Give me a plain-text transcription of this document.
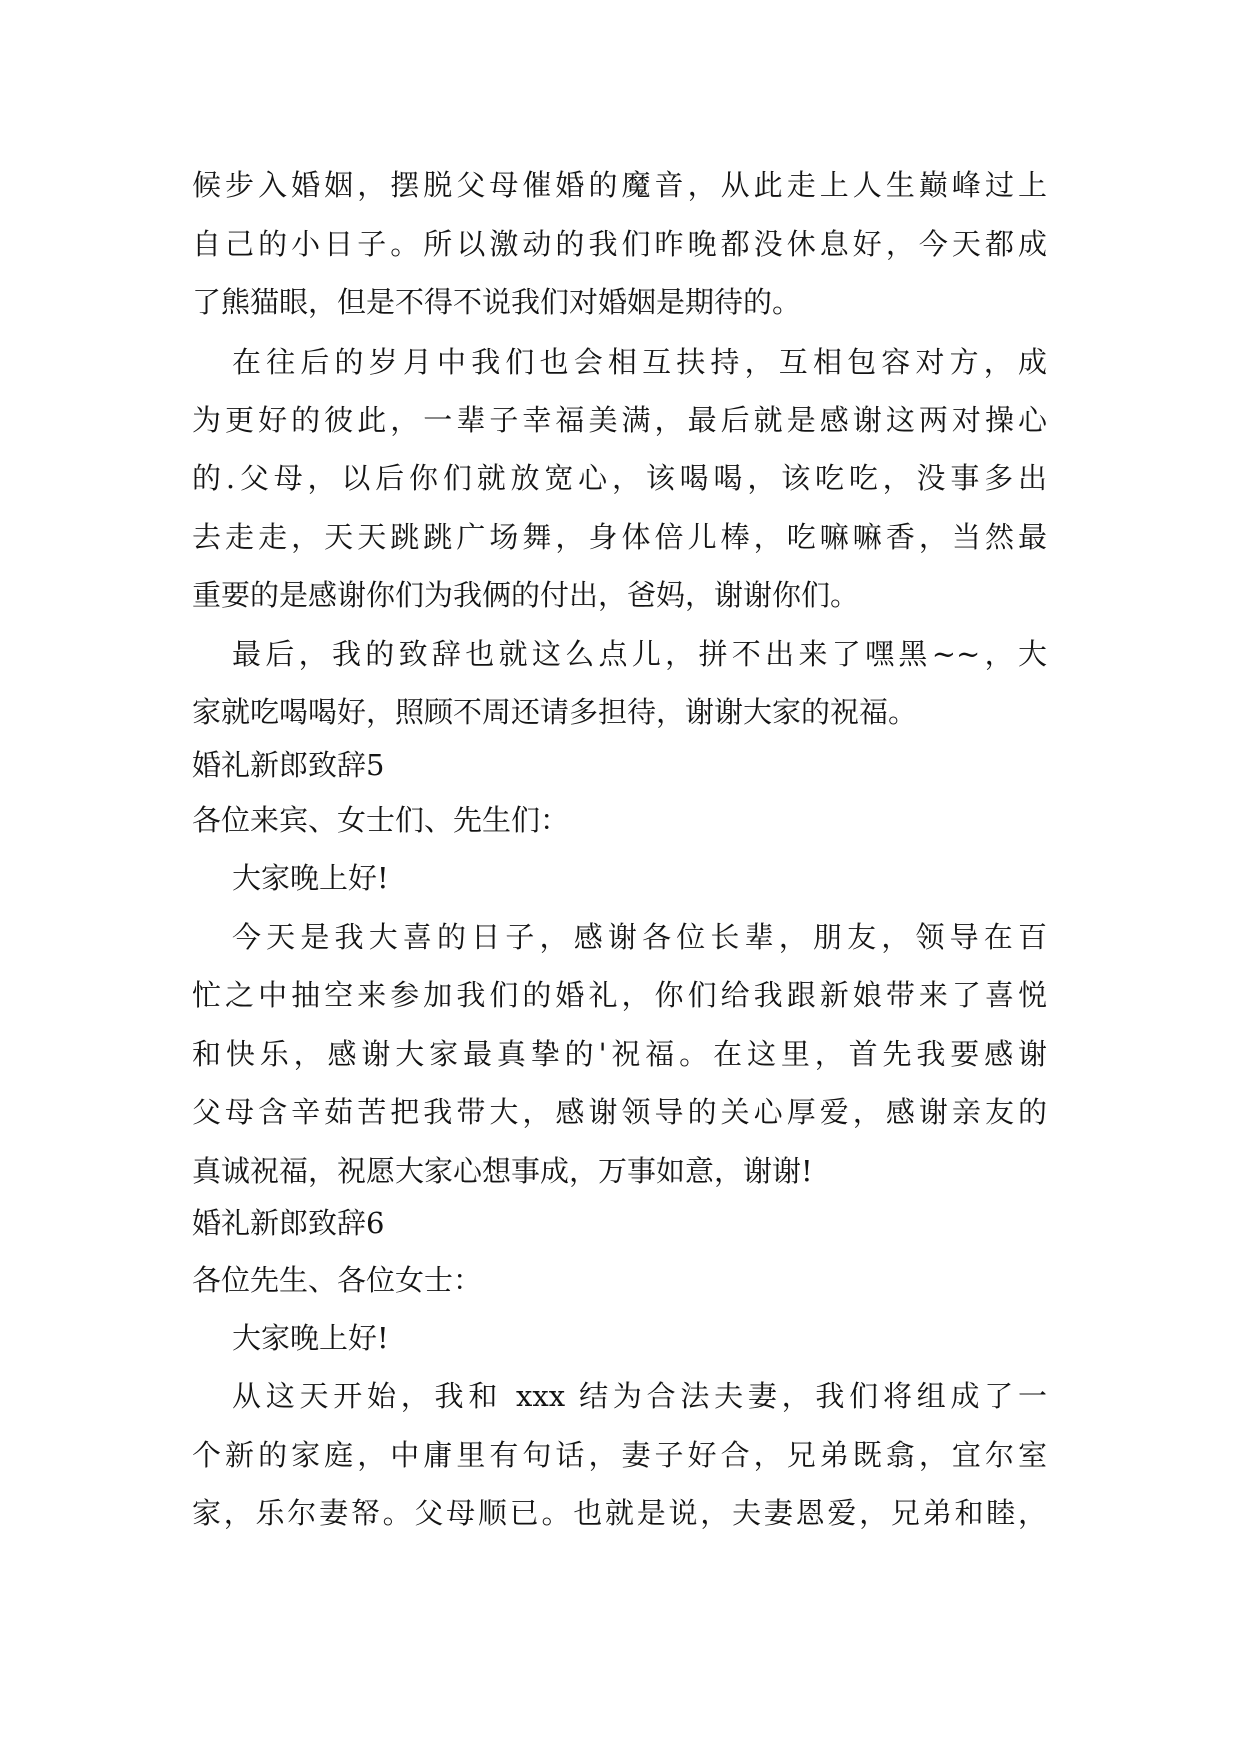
候步入婚姻，摆脱父母催婚的魔音，从此走上人生巅峰过上
自己的小日子。所以激动的我们昨晚都没休息好，今天都成
了熊猫眼，但是不得不说我们对婚姻是期待的。
在往后的岁月中我们也会相互扶持，互相包容对方，成
为更好的彼此，一辈子幸福美满，最后就是感谢这两对操心
的.父母，以后你们就放宽心，该喝喝，该吃吃，没事多出
去走走，天天跳跳广场舞，身体倍儿棒，吃嘛嘛香，当然最
重要的是感谢你们为我俩的付出，爸妈，谢谢你们。
最后，我的致辞也就这么点儿，拼不出来了嘿黑~~，大
家就吃喝喝好，照顾不周还请多担待，谢谢大家的祝福。
婚礼新郎致辞5
各位来宾、女士们、先生们：
大家晚上好!
今天是我大喜的日子，感谢各位长辈，朋友，领导在百
忙之中抽空来参加我们的婚礼，你们给我跟新娘带来了喜悦
和快乐，感谢大家最真挚的'祝福。在这里，首先我要感谢
父母含辛茹苦把我带大，感谢领导的关心厚爱，感谢亲友的
真诚祝福，祝愿大家心想事成，万事如意，谢谢!
婚礼新郎致辞6
各位先生、各位女士：
大家晚上好!
从这天开始，我和 xxx 结为合法夫妻，我们将组成了一
个新的家庭，中庸里有句话，妻子好合，兄弟既翕，宜尔室
家，乐尔妻帑。父母顺已。也就是说，夫妻恩爱，兄弟和睦，
